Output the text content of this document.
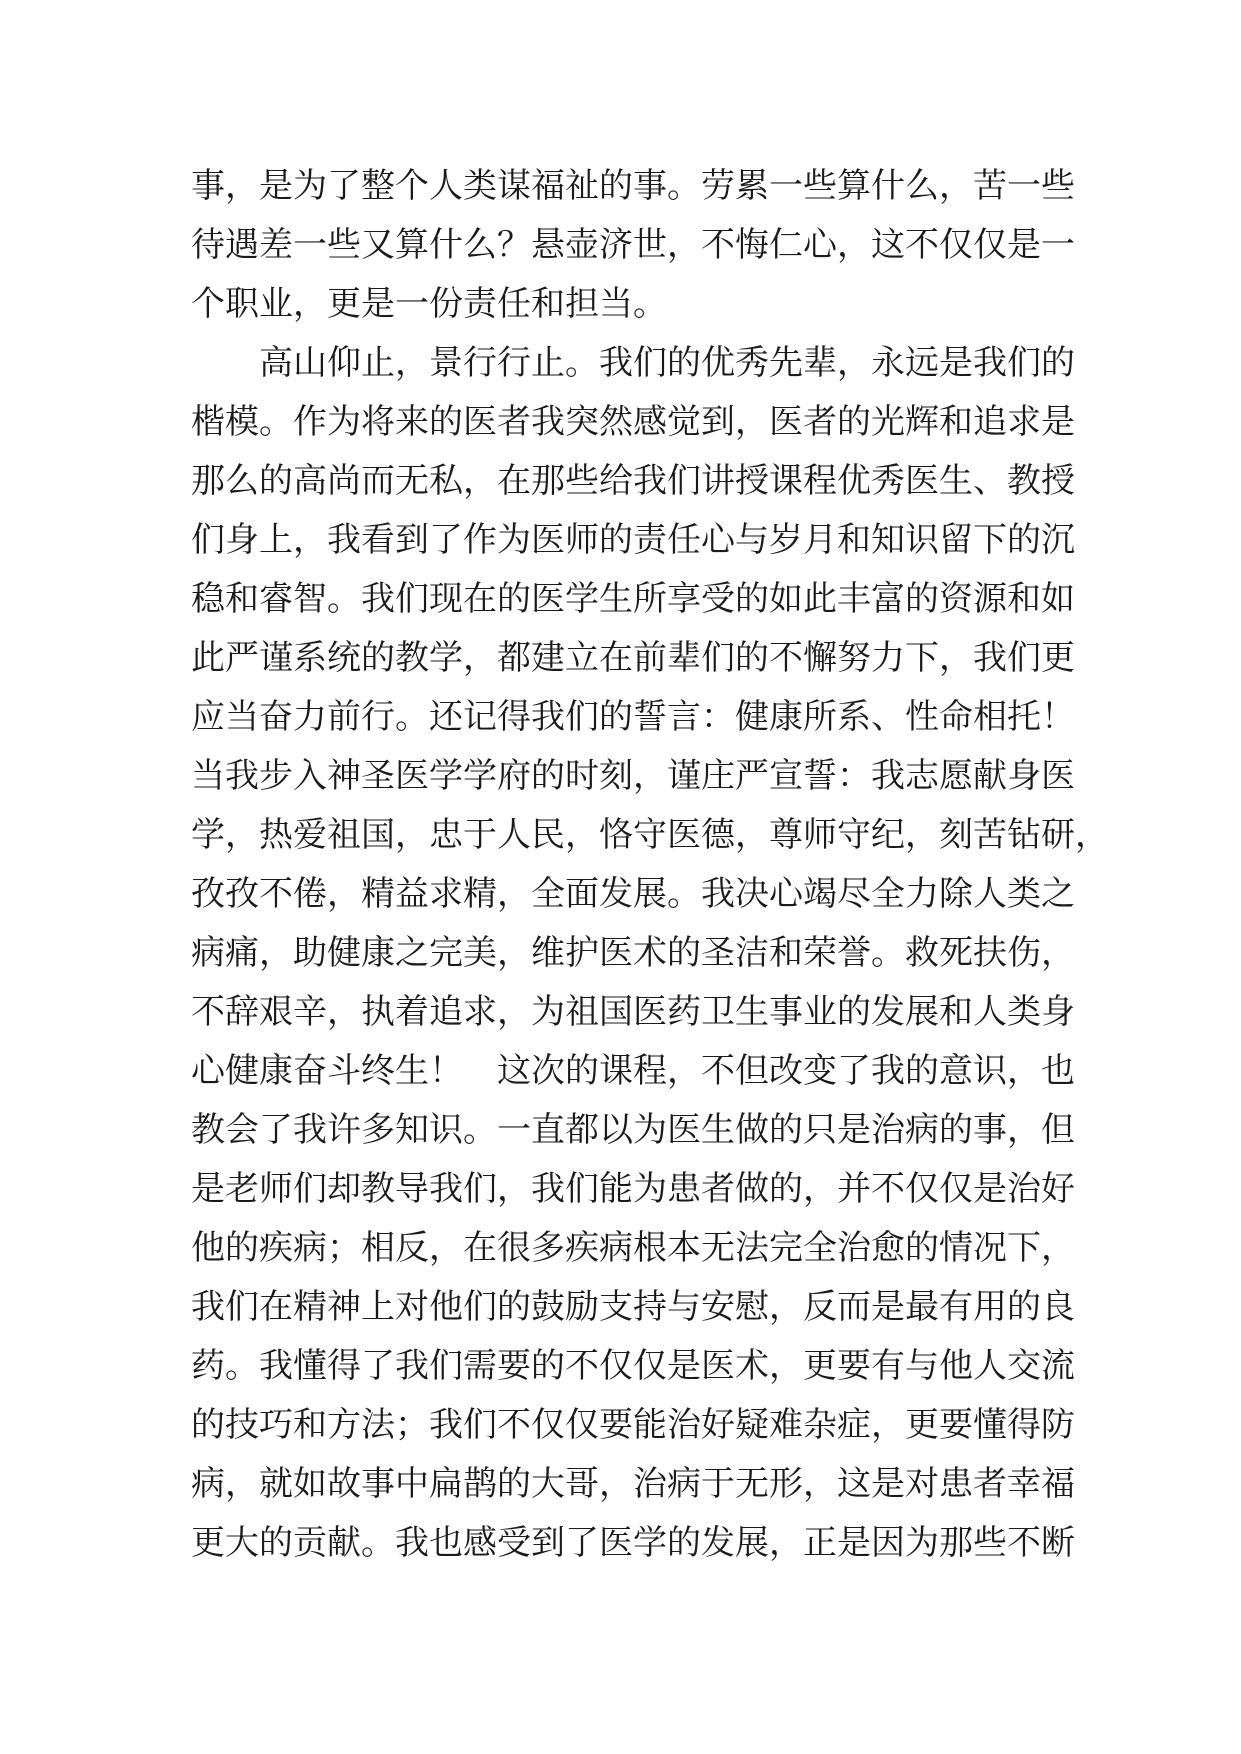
事，是为了整个人类谋福祉的事。劳累一些算什么，苦一些
待遇差一些又算什么？悬壶济世，不悔仁心，这不仅仅是一
个职业，更是一份责任和担当。
　　高山仰止，景行行止。我们的优秀先辈，永远是我们的
楷模。作为将来的医者我突然感觉到，医者的光辉和追求是
那么的高尚而无私，在那些给我们讲授课程优秀医生、教授
们身上，我看到了作为医师的责任心与岁月和知识留下的沉
稳和睿智。我们现在的医学生所享受的如此丰富的资源和如
此严谨系统的教学，都建立在前辈们的不懈努力下，我们更
应当奋力前行。还记得我们的誓言：健康所系、性命相托！
当我步入神圣医学学府的时刻，谨庄严宣誓：我志愿献身医
学，热爱祖国，忠于人民，恪守医德，尊师守纪，刻苦钻研，
孜孜不倦，精益求精，全面发展。我决心竭尽全力除人类之
病痛，助健康之完美，维护医术的圣洁和荣誉。救死扶伤，
不辞艰辛，执着追求，为祖国医药卫生事业的发展和人类身
心健康奋斗终生！　这次的课程，不但改变了我的意识，也
教会了我许多知识。一直都以为医生做的只是治病的事，但
是老师们却教导我们，我们能为患者做的，并不仅仅是治好
他的疾病；相反，在很多疾病根本无法完全治愈的情况下，
我们在精神上对他们的鼓励支持与安慰，反而是最有用的良
药。我懂得了我们需要的不仅仅是医术，更要有与他人交流
的技巧和方法；我们不仅仅要能治好疑难杂症，更要懂得防
病，就如故事中扁鹊的大哥，治病于无形，这是对患者幸福
更大的贡献。我也感受到了医学的发展，正是因为那些不断
